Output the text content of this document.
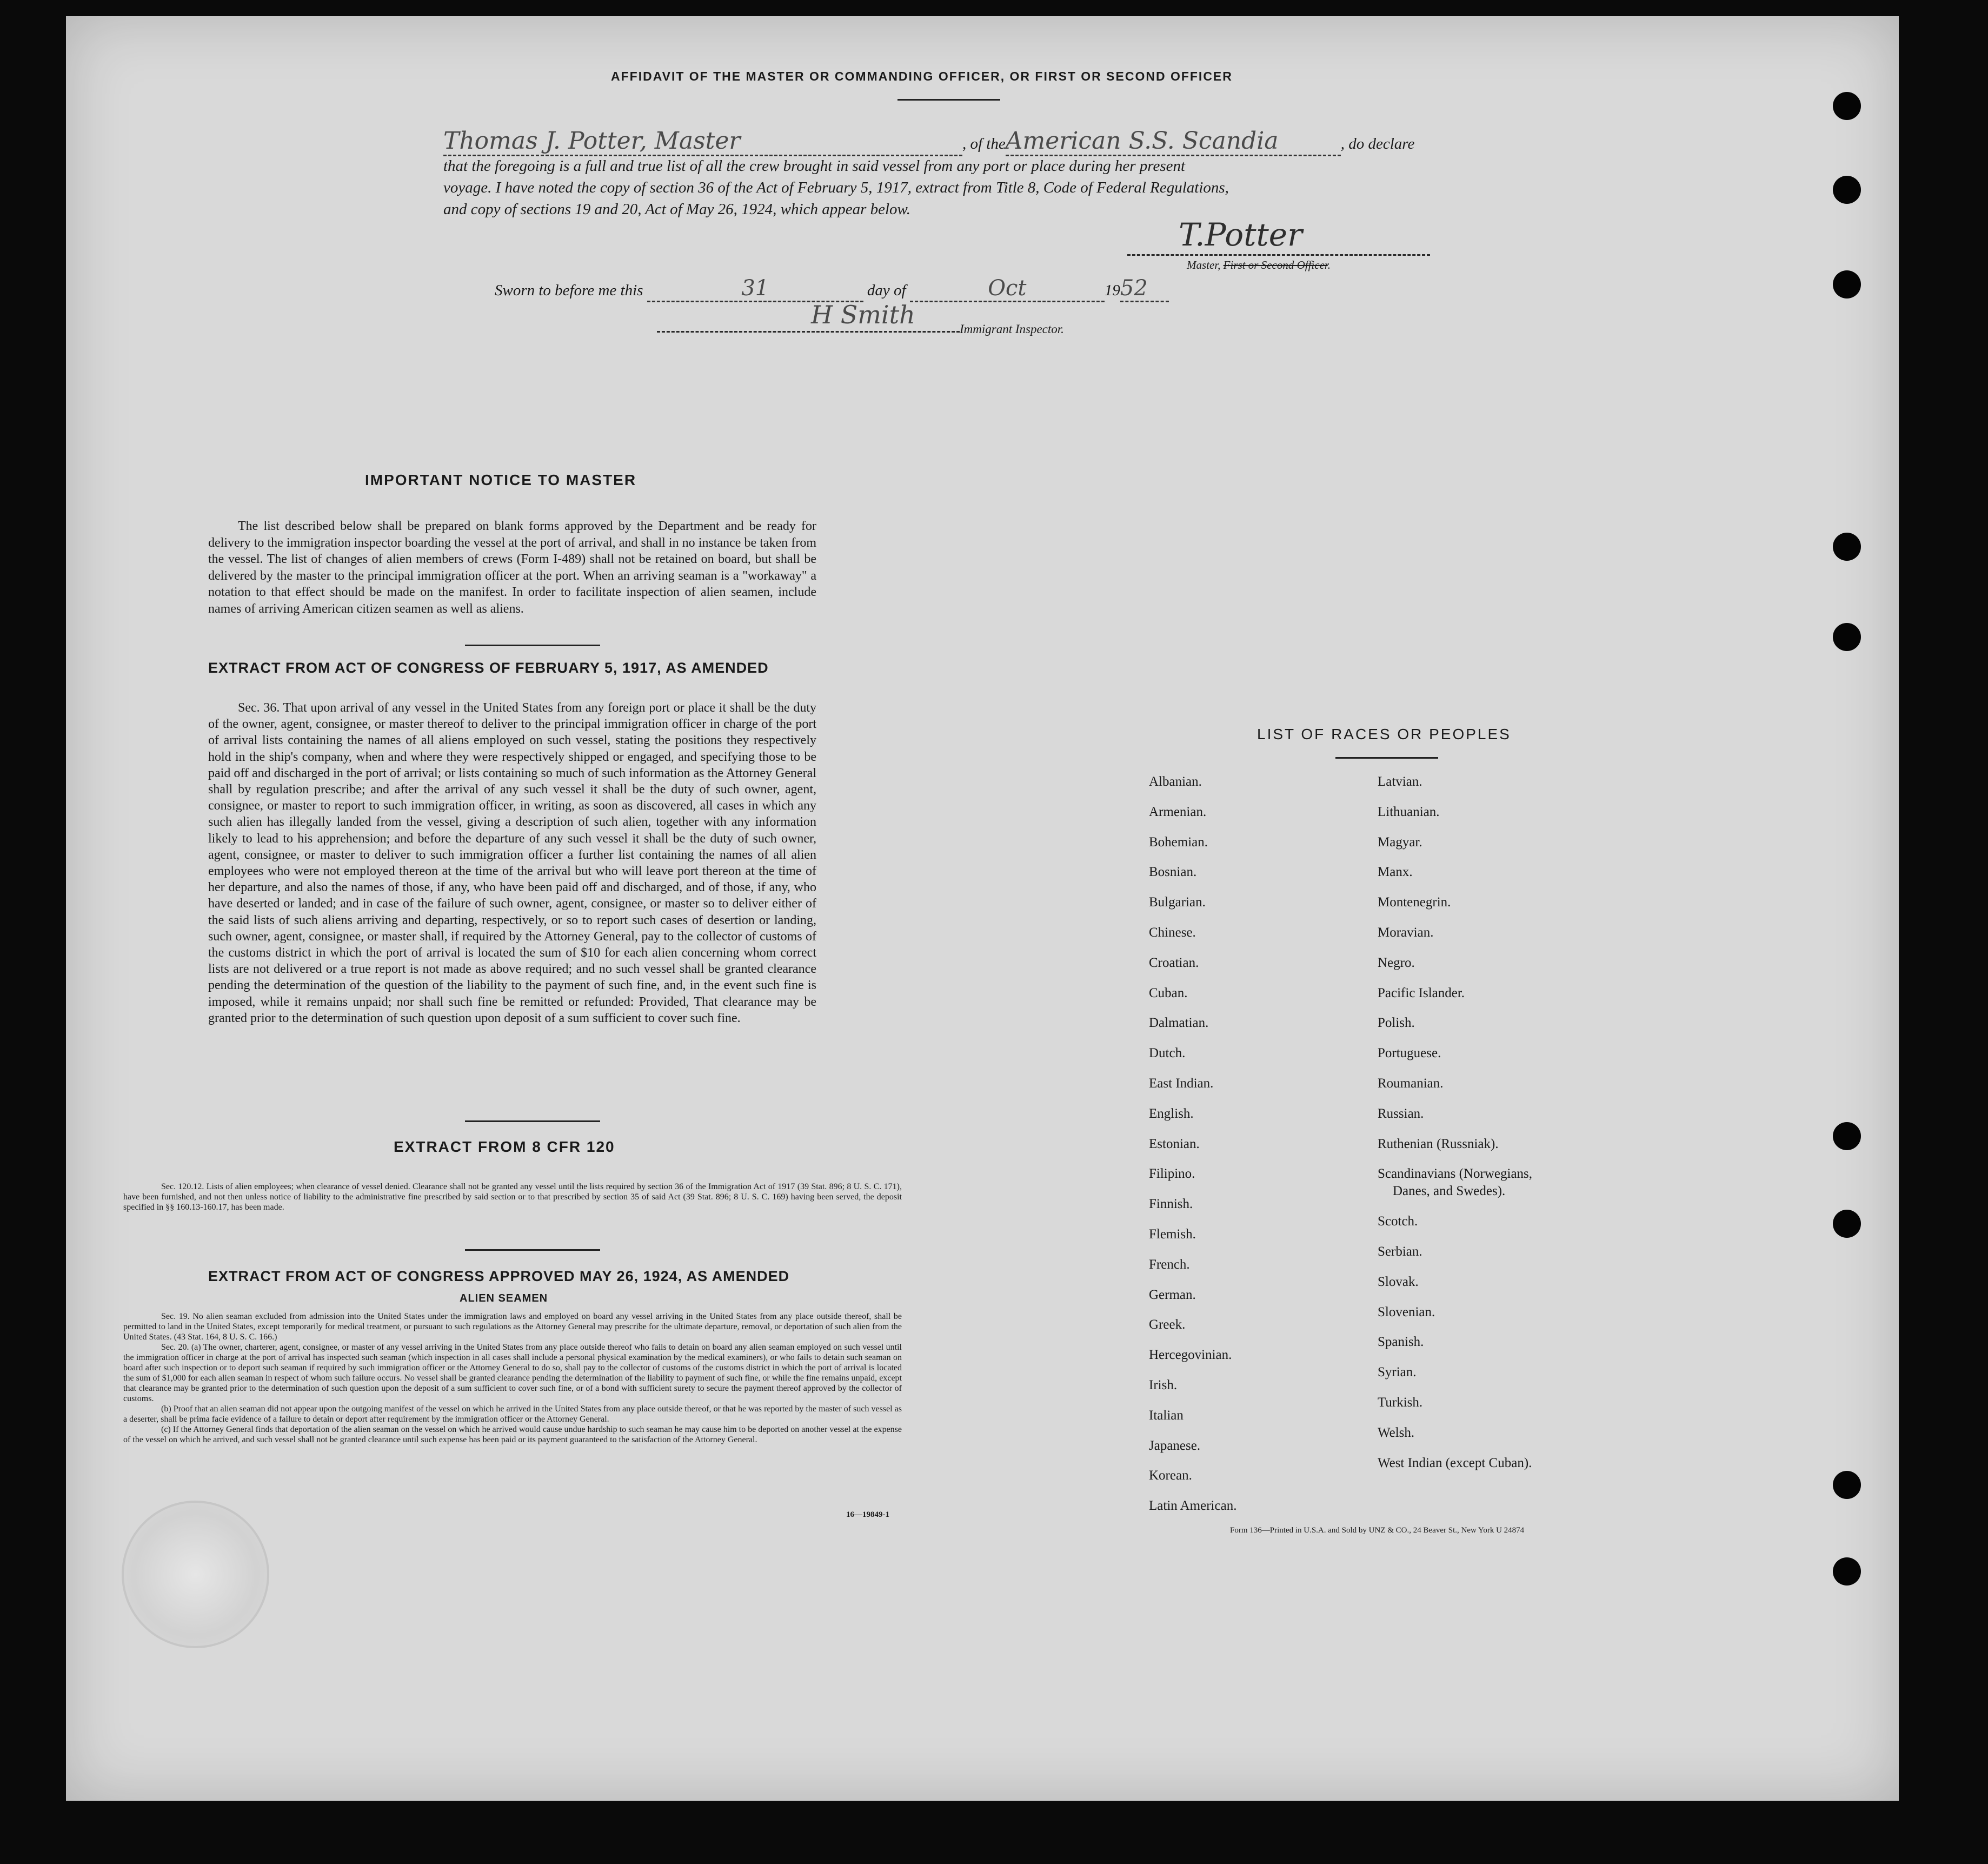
AFFIDAVIT OF THE MASTER OR COMMANDING OFFICER, OR FIRST OR SECOND OFFICER
Thomas J. Potter, Master	, of theAmerican S.S. Scandia	, do declare
that the foregoing is a full and true list of all the crew brought in said vessel from any port or place during her present
voyage. I have noted the copy of section 36 of the Act of February 5, 1917, extract from Title 8, Code of Federal Regulations,
and copy of sections 19 and 20, Act of May 26, 1924, which appear below.
T.Potter
Master, First or Second Officer.
Sworn to before me this	31	day of	Oct	1952
H Smith	Immigrant Inspector.
IMPORTANT NOTICE TO MASTER

The list described below shall be prepared on blank forms approved by the Department and be ready for delivery to the immigration inspector boarding the vessel at the port of arrival, and shall in no instance be taken from the vessel. The list of changes of alien members of crews (Form I-489) shall not be retained on board, but shall be delivered by the master to the principal immigration officer at the port. When an arriving seaman is a "workaway" a notation to that effect should be made on the manifest. In order to facilitate inspection of alien seamen, include names of arriving American citizen seamen as well as aliens.

EXTRACT FROM ACT OF CONGRESS OF FEBRUARY 5, 1917, AS AMENDED

Sec. 36. That upon arrival of any vessel in the United States from any foreign port or place it shall be the duty of the owner, agent, consignee, or master thereof to deliver to the principal immigration officer in charge of the port of arrival lists containing the names of all aliens employed on such vessel, stating the positions they respectively hold in the ship's company, when and where they were respectively shipped or engaged, and specifying those to be paid off and discharged in the port of arrival; or lists containing so much of such information as the Attorney General shall by regulation prescribe; and after the arrival of any such vessel it shall be the duty of such owner, agent, consignee, or master to report to such immigration officer, in writing, as soon as discovered, all cases in which any such alien has illegally landed from the vessel, giving a description of such alien, together with any information likely to lead to his apprehension; and before the departure of any such vessel it shall be the duty of such owner, agent, consignee, or master to deliver to such immigration officer a further list containing the names of all alien employees who were not employed thereon at the time of the arrival but who will leave port thereon at the time of her departure, and also the names of those, if any, who have been paid off and discharged, and of those, if any, who have deserted or landed; and in case of the failure of such owner, agent, consignee, or master so to deliver either of the said lists of such aliens arriving and departing, respectively, or so to report such cases of desertion or landing, such owner, agent, consignee, or master shall, if required by the Attorney General, pay to the collector of customs of the customs district in which the port of arrival is located the sum of $10 for each alien concerning whom correct lists are not delivered or a true report is not made as above required; and no such vessel shall be granted clearance pending the determination of the question of the liability to the payment of such fine, and, in the event such fine is imposed, while it remains unpaid; nor shall such fine be remitted or refunded: Provided, That clearance may be granted prior to the determination of such question upon deposit of a sum sufficient to cover such fine.

EXTRACT FROM 8 CFR 120

Sec. 120.12. Lists of alien employees; when clearance of vessel denied. Clearance shall not be granted any vessel until the lists required by section 36 of the Immigration Act of 1917 (39 Stat. 896; 8 U. S. C. 171), have been furnished, and not then unless notice of liability to the administrative fine prescribed by said section or to that prescribed by section 35 of said Act (39 Stat. 896; 8 U. S. C. 169) having been served, the deposit specified in §§ 160.13-160.17, has been made.

EXTRACT FROM ACT OF CONGRESS APPROVED MAY 26, 1924, AS AMENDED
ALIEN SEAMEN

Sec. 19. No alien seaman excluded from admission into the United States under the immigration laws and employed on board any vessel arriving in the United States from any place outside thereof, shall be permitted to land in the United States, except temporarily for medical treatment, or pursuant to such regulations as the Attorney General may prescribe for the ultimate departure, removal, or deportation of such alien from the United States. (43 Stat. 164, 8 U. S. C. 166.)

Sec. 20. (a) The owner, charterer, agent, consignee, or master of any vessel arriving in the United States from any place outside thereof who fails to detain on board any alien seaman employed on such vessel until the immigration officer in charge at the port of arrival has inspected such seaman (which inspection in all cases shall include a personal physical examination by the medical examiners), or who fails to detain such seaman on board after such inspection or to deport such seaman if required by such immigration officer or the Attorney General to do so, shall pay to the collector of customs of the customs district in which the port of arrival is located the sum of $1,000 for each alien seaman in respect of whom such failure occurs. No vessel shall be granted clearance pending the determination of the liability to payment of such fine, or while the fine remains unpaid, except that clearance may be granted prior to the determination of such question upon the deposit of a sum sufficient to cover such fine, or of a bond with sufficient surety to secure the payment thereof approved by the collector of customs.

(b) Proof that an alien seaman did not appear upon the outgoing manifest of the vessel on which he arrived in the United States from any place outside thereof, or that he was reported by the master of such vessel as a deserter, shall be prima facie evidence of a failure to detain or deport after requirement by the immigration officer or the Attorney General.

(c) If the Attorney General finds that deportation of the alien seaman on the vessel on which he arrived would cause undue hardship to such seaman he may cause him to be deported on another vessel at the expense of the vessel on which he arrived, and such vessel shall not be granted clearance until such expense has been paid or its payment guaranteed to the satisfaction of the Attorney General.

16—19849-1
LIST OF RACES OR PEOPLES
Albanian.
Armenian.
Bohemian.
Bosnian.
Bulgarian.
Chinese.
Croatian.
Cuban.
Dalmatian.
Dutch.
East Indian.
English.
Estonian.
Filipino.
Finnish.
Flemish.
French.
German.
Greek.
Hercegovinian.
Irish.
Italian
Japanese.
Korean.
Latin American.
Latvian.
Lithuanian.
Magyar.
Manx.
Montenegrin.
Moravian.
Negro.
Pacific Islander.
Polish.
Portuguese.
Roumanian.
Russian.
Ruthenian (Russniak).
Scandinavians (Norwegians,
Danes, and Swedes).
Scotch.
Serbian.
Slovak.
Slovenian.
Spanish.
Syrian.
Turkish.
Welsh.
West Indian (except Cuban).
Form 136—Printed in U.S.A. and Sold by UNZ & CO., 24 Beaver St., New York U 24874
